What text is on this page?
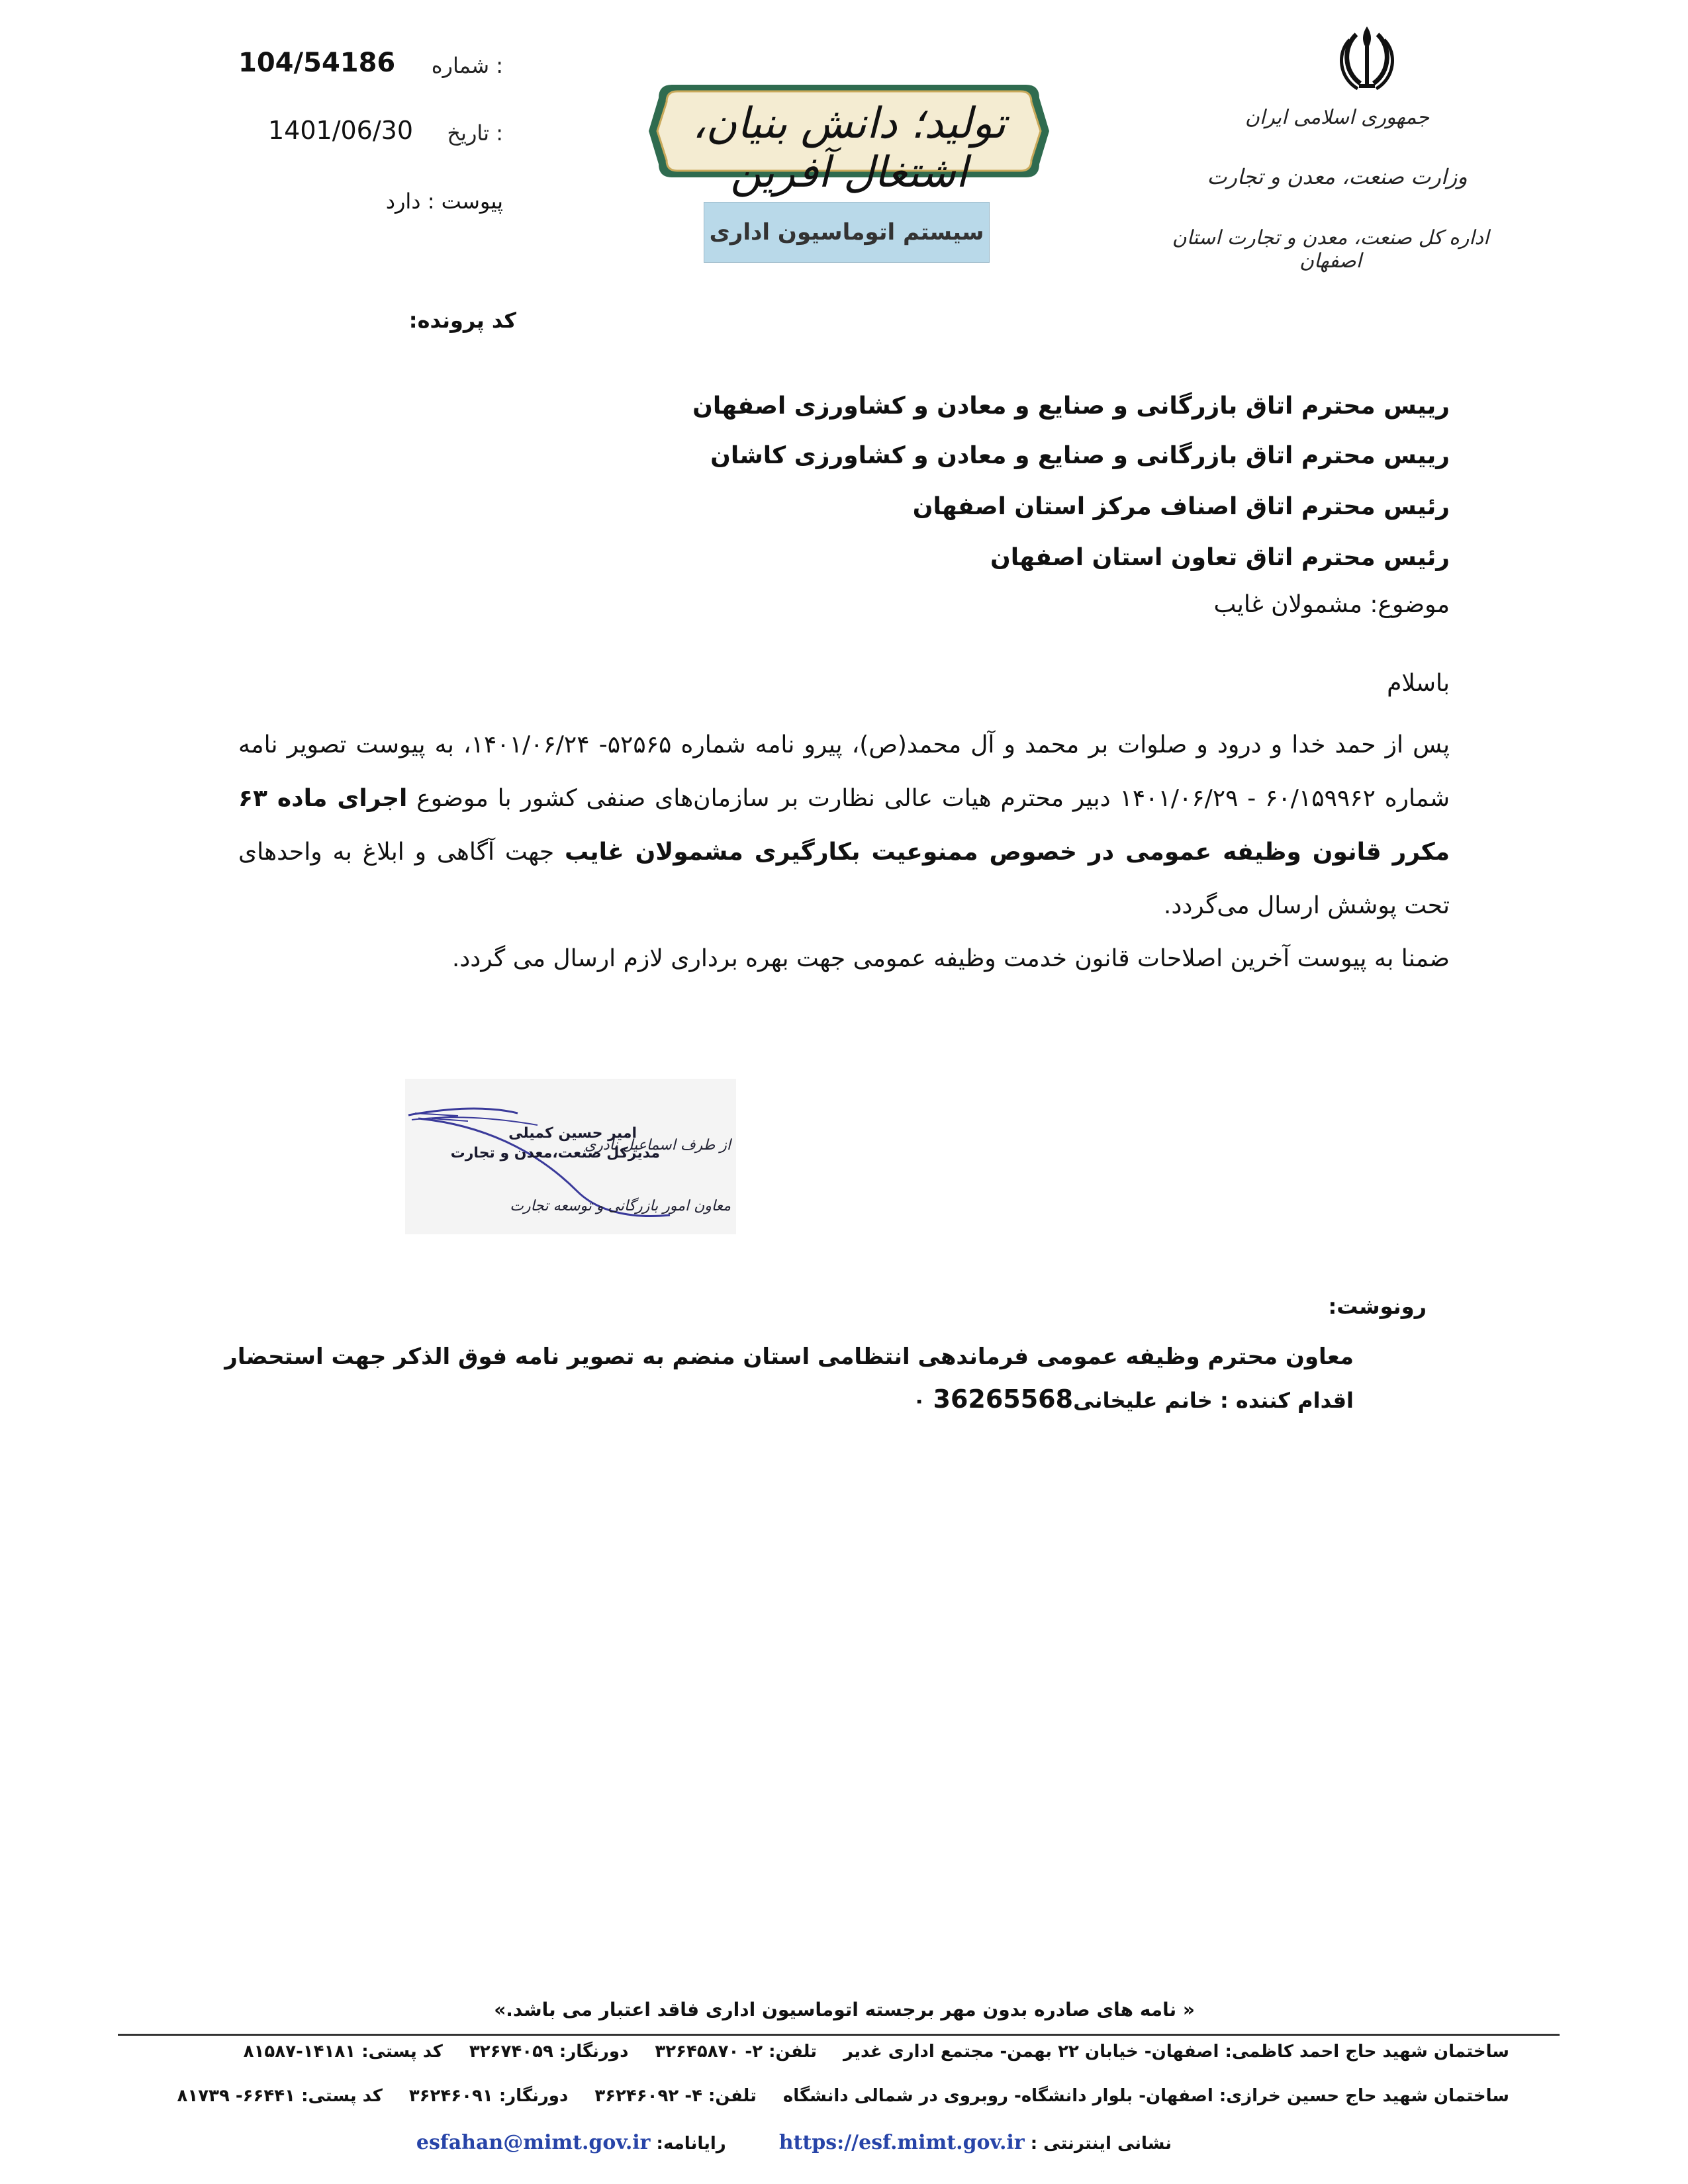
جمهوری اسلامی ایران
وزارت صنعت، معدن و تجارت
اداره کل صنعت، معدن و تجارت استان اصفهان
تولید؛ دانش بنیان، اشتغال آفرین
سیستم اتوماسیون اداری
: شماره
104/54186
: تاریخ
1401/06/30
پیوست : دارد
کد پرونده:
رییس محترم اتاق بازرگانی و صنایع و معادن و کشاورزی اصفهان
رییس محترم اتاق بازرگانی و صنایع و معادن و کشاورزی کاشان
رئیس محترم اتاق اصناف مرکز استان اصفهان
رئیس محترم اتاق تعاون استان اصفهان
موضوع: مشمولان غایب
باسلام
پس از حمد خدا و درود و صلوات بر محمد و آل محمد(ص)، پیرو نامه شماره ۵۲۵۶۵- ۱۴۰۱/۰۶/۲۴، به پیوست تصویر نامه شماره ۶۰/۱۵۹۹۶۲ - ۱۴۰۱/۰۶/۲۹ دبیر محترم هیات عالی نظارت بر سازمان‌های صنفی کشور با موضوع اجرای ماده ۶۳ مکرر قانون وظیفه عمومی در خصوص ممنوعیت بکارگیری مشمولان غایب جهت آگاهی و ابلاغ به واحدهای تحت پوشش ارسال می‌گردد.
ضمنا به پیوست آخرین اصلاحات قانون خدمت وظیفه عمومی جهت بهره برداری لازم ارسال می گردد.
از طرف اسماعیل نادری
امیر حسین کمیلی
مدیرکل صنعت،معدن و تجارت
معاون امور بازرگانی و توسعه تجارت
رونوشت:
معاون محترم وظیفه عمومی فرماندهی انتظامی استان منضم به تصویر نامه فوق الذکر جهت استحضار
اقدام کننده : خانم علیخانی36265568 ۰
« نامه های صادره بدون مهر برجسته اتوماسیون اداری فاقد اعتبار می باشد.»
ساختمان شهید حاج احمد کاظمی: اصفهان- خیابان ۲۲ بهمن- مجتمع اداری غدیرتلفن: ۲- ۳۲۶۴۵۸۷۰دورنگار: ۳۲۶۷۴۰۵۹کد پستی: ۱۴۱۸۱-۸۱۵۸۷
ساختمان شهید حاج حسین خرازی: اصفهان- بلوار دانشگاه- روبروی در شمالی دانشگاهتلفن: ۴- ۳۶۲۴۶۰۹۲دورنگار: ۳۶۲۴۶۰۹۱کد پستی: ۶۶۴۴۱- ۸۱۷۳۹
نشانی اینترنتی : https://esf.mimt.gov.irرایانامه: esfahan@mimt.gov.ir
